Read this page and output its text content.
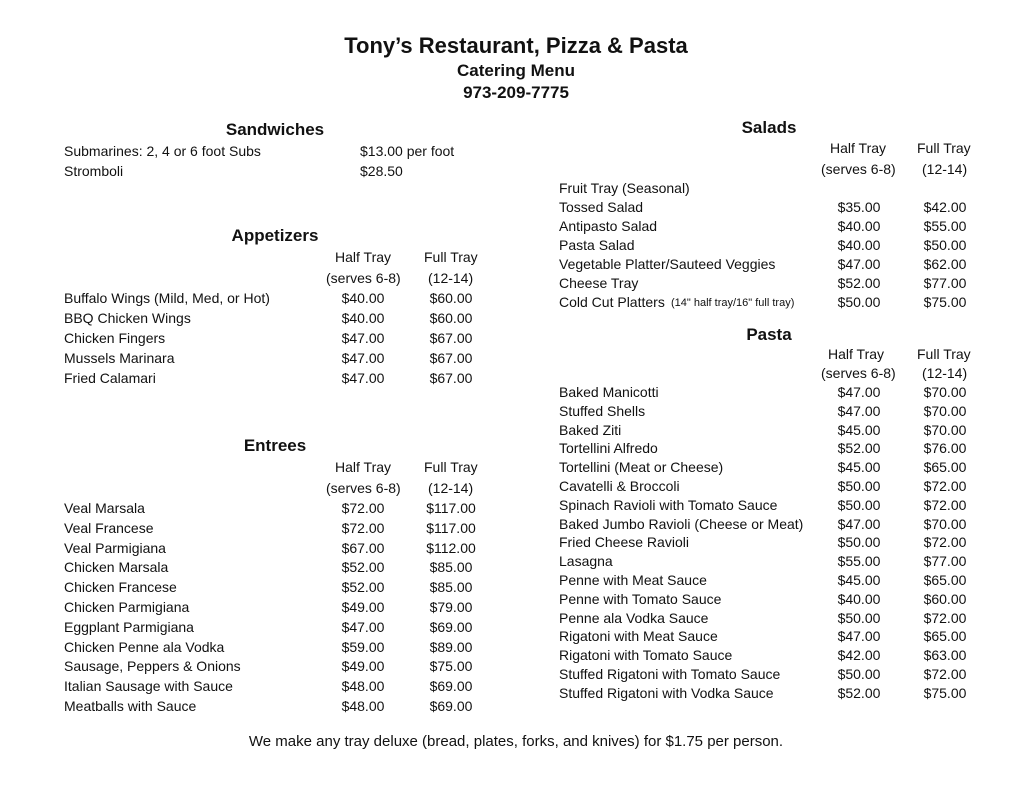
Tony’s Restaurant, Pizza & Pasta
Catering Menu
973-209-7775
Sandwiches
Submarines: 2, 4 or 6 foot Subs	$13.00 per foot
Stromboli	$28.50
Appetizers
Half Tray
(serves 6-8)
Full Tray
(12-14)
Buffalo Wings (Mild, Med, or Hot)	$40.00	$60.00
BBQ Chicken Wings	$40.00	$60.00
Chicken Fingers	$47.00	$67.00
Mussels Marinara	$47.00	$67.00
Fried Calamari	$47.00	$67.00
Entrees
Half Tray
(serves 6-8)
Full Tray
(12-14)
Veal Marsala	$72.00	$117.00
Veal Francese	$72.00	$117.00
Veal Parmigiana	$67.00	$112.00
Chicken Marsala	$52.00	$85.00
Chicken Francese	$52.00	$85.00
Chicken Parmigiana	$49.00	$79.00
Eggplant Parmigiana	$47.00	$69.00
Chicken Penne ala Vodka	$59.00	$89.00
Sausage, Peppers & Onions	$49.00	$75.00
Italian Sausage with Sauce	$48.00	$69.00
Meatballs with Sauce	$48.00	$69.00
Salads
Half Tray
(serves 6-8)
Full Tray
(12-14)
Fruit Tray (Seasonal)
Tossed Salad	$35.00	$42.00
Antipasto Salad	$40.00	$55.00
Pasta Salad	$40.00	$50.00
Vegetable Platter/Sauteed Veggies	$47.00	$62.00
Cheese Tray	$52.00	$77.00
Cold Cut Platters (14" half tray/16" full tray)	$50.00	$75.00
Pasta
Half Tray
(serves 6-8)
Full Tray
(12-14)
Baked Manicotti	$47.00	$70.00
Stuffed Shells	$47.00	$70.00
Baked Ziti	$45.00	$70.00
Tortellini Alfredo	$52.00	$76.00
Tortellini (Meat or Cheese)	$45.00	$65.00
Cavatelli & Broccoli	$50.00	$72.00
Spinach Ravioli with Tomato Sauce	$50.00	$72.00
Baked Jumbo Ravioli (Cheese or Meat)	$47.00	$70.00
Fried Cheese Ravioli	$50.00	$72.00
Lasagna	$55.00	$77.00
Penne with Meat Sauce	$45.00	$65.00
Penne with Tomato Sauce	$40.00	$60.00
Penne ala Vodka Sauce	$50.00	$72.00
Rigatoni with Meat Sauce	$47.00	$65.00
Rigatoni with Tomato Sauce	$42.00	$63.00
Stuffed Rigatoni with Tomato Sauce	$50.00	$72.00
Stuffed Rigatoni with Vodka Sauce	$52.00	$75.00
We make any tray deluxe (bread, plates, forks, and knives) for $1.75 per person.
